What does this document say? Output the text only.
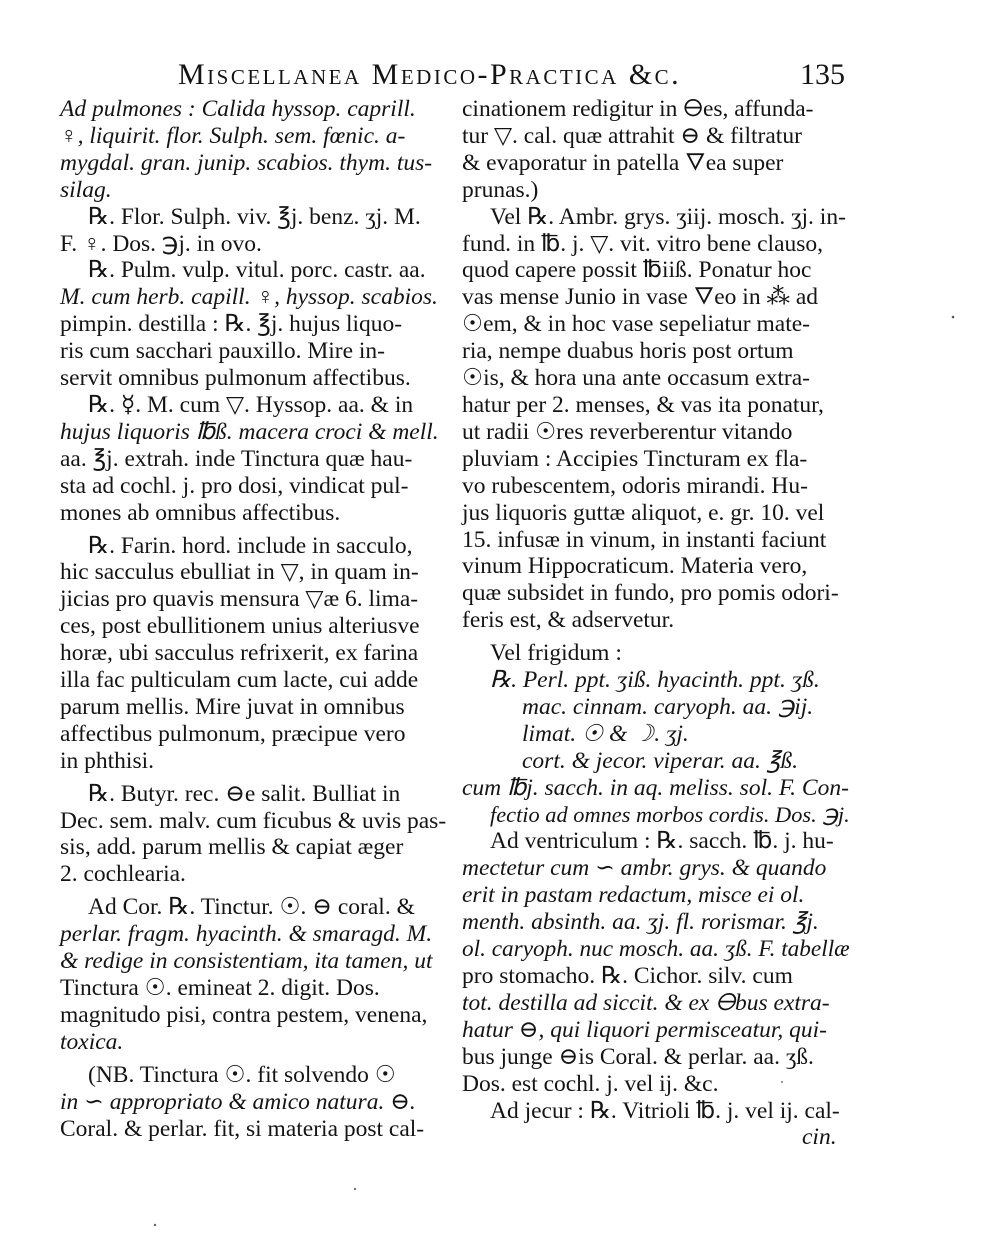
Miscellanea Medico-Practica &c.	135

Ad pulmones : Calida hyssop. caprill.

♀, liquirit. flor. Sulph. sem. fœnic. a-

mygdal. gran. junip. scabios. thym. tus-

silag.

℞. Flor. Sulph. viv. ℥j. benz. ʒj. M.

F. ♀. Dos. ℈j. in ovo.

℞. Pulm. vulp. vitul. porc. castr. aa.

M. cum herb. capill. ♀, hyssop. scabios.

pimpin. destilla : ℞. ℥j. hujus liquo-

ris cum sacchari pauxillo. Mire in-

servit omnibus pulmonum affectibus.

℞. ☿. M. cum ▽. Hyssop. aa. & in

hujus liquoris ℔ß. macera croci & mell.

aa. ℥j. extrah. inde Tinctura quæ hau-

sta ad cochl. j. pro dosi, vindicat pul-

mones ab omnibus affectibus.

℞. Farin. hord. include in sacculo,

hic sacculus ebulliat in ▽, in quam in-

jicias pro quavis mensura ▽æ 6. lima-

ces, post ebullitionem unius alteriusve

horæ, ubi sacculus refrixerit, ex farina

illa fac pulticulam cum lacte, cui adde

parum mellis. Mire juvat in omnibus

affectibus pulmonum, præcipue vero

in phthisi.

℞. Butyr. rec. ⊖e salit. Bulliat in

Dec. sem. malv. cum ficubus & uvis pas-

sis, add. parum mellis & capiat æger

2. cochlearia.

Ad Cor. ℞. Tinctur. ☉. ⊖ coral. &

perlar. fragm. hyacinth. & smaragd. M.

& redige in consistentiam, ita tamen, ut

Tinctura ☉. emineat 2. digit. Dos.

magnitudo pisi, contra pestem, venena,

toxica.

(NB. Tinctura ☉. fit solvendo ☉

in ∽ appropriato & amico natura. ⊖.

Coral. & perlar. fit, si materia post cal-

cinationem redigitur in 🜔es, affunda-

tur ▽. cal. quæ attrahit ⊖ & filtratur

& evaporatur in patella 🜄ea super

prunas.)

Vel ℞. Ambr. grys. ʒiij. mosch. ʒj. in-

fund. in ℔. j. ▽. vit. vitro bene clauso,

quod capere possit ℔iiß. Ponatur hoc

vas mense Junio in vase 🜄eo in ⁂ ad

☉em, & in hoc vase sepeliatur mate-

ria, nempe duabus horis post ortum

☉is, & hora una ante occasum extra-

hatur per 2. menses, & vas ita ponatur,

ut radii ☉res reverberentur vitando

pluviam : Accipies Tincturam ex fla-

vo rubescentem, odoris mirandi. Hu-

jus liquoris guttæ aliquot, e. gr. 10. vel

15. infusæ in vinum, in instanti faciunt

vinum Hippocraticum. Materia vero,

quæ subsidet in fundo, pro pomis odori-

feris est, & adservetur.

Vel frigidum :

℞. Perl. ppt. ʒiß. hyacinth. ppt. ʒß.

mac. cinnam. caryoph. aa. ℈ij.

limat. ☉ & ☽. ʒj.

cort. & jecor. viperar. aa. ℥ß.

cum ℔j. sacch. in aq. meliss. sol. F. Con-

fectio ad omnes morbos cordis. Dos. ℈j.

Ad ventriculum : ℞. sacch. ℔. j. hu-

mectetur cum ∽ ambr. grys. & quando

erit in pastam redactum, misce ei ol.

menth. absinth. aa. ʒj. fl. rorismar. ℥j.

ol. caryoph. nuc mosch. aa. ʒß. F. tabellæ

pro stomacho. ℞. Cichor. silv. cum

tot. destilla ad siccit. & ex 🜔bus extra-

hatur ⊖, qui liquori permisceatur, qui-

bus junge ⊖is Coral. & perlar. aa. ʒß.

Dos. est cochl. j. vel ij. &c.

Ad jecur : ℞. Vitrioli ℔. j. vel ij. cal-

cin.
